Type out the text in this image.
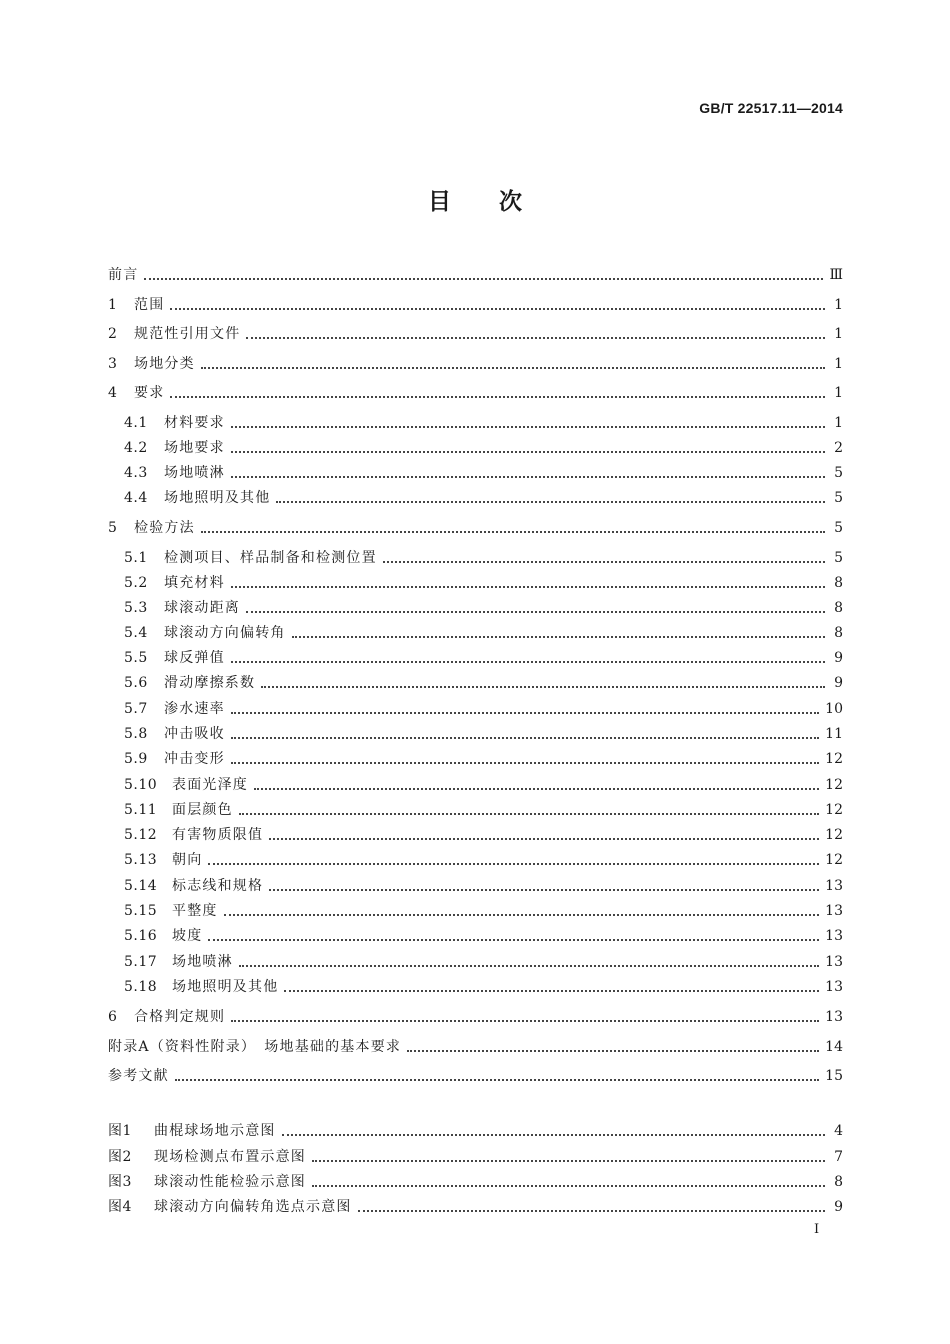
GB/T 22517.11—2014
目 次
前言	Ⅲ
1	范围	1
2	规范性引用文件	1
3	场地分类	1
4	要求	1
4.1	材料要求	1
4.2	场地要求	2
4.3	场地喷淋	5
4.4	场地照明及其他	5
5	检验方法	5
5.1	检测项目、样品制备和检测位置	5
5.2	填充材料	8
5.3	球滚动距离	8
5.4	球滚动方向偏转角	8
5.5	球反弹值	9
5.6	滑动摩擦系数	9
5.7	渗水速率	10
5.8	冲击吸收	11
5.9	冲击变形	12
5.10	表面光泽度	12
5.11	面层颜色	12
5.12	有害物质限值	12
5.13	朝向	12
5.14	标志线和规格	13
5.15	平整度	13
5.16	坡度	13
5.17	场地喷淋	13
5.18	场地照明及其他	13
6	合格判定规则	13
附录A（资料性附录）　场地基础的基本要求	14
参考文献	15
图1	曲棍球场地示意图	4
图2	现场检测点布置示意图	7
图3	球滚动性能检验示意图	8
图4	球滚动方向偏转角选点示意图	9
I
